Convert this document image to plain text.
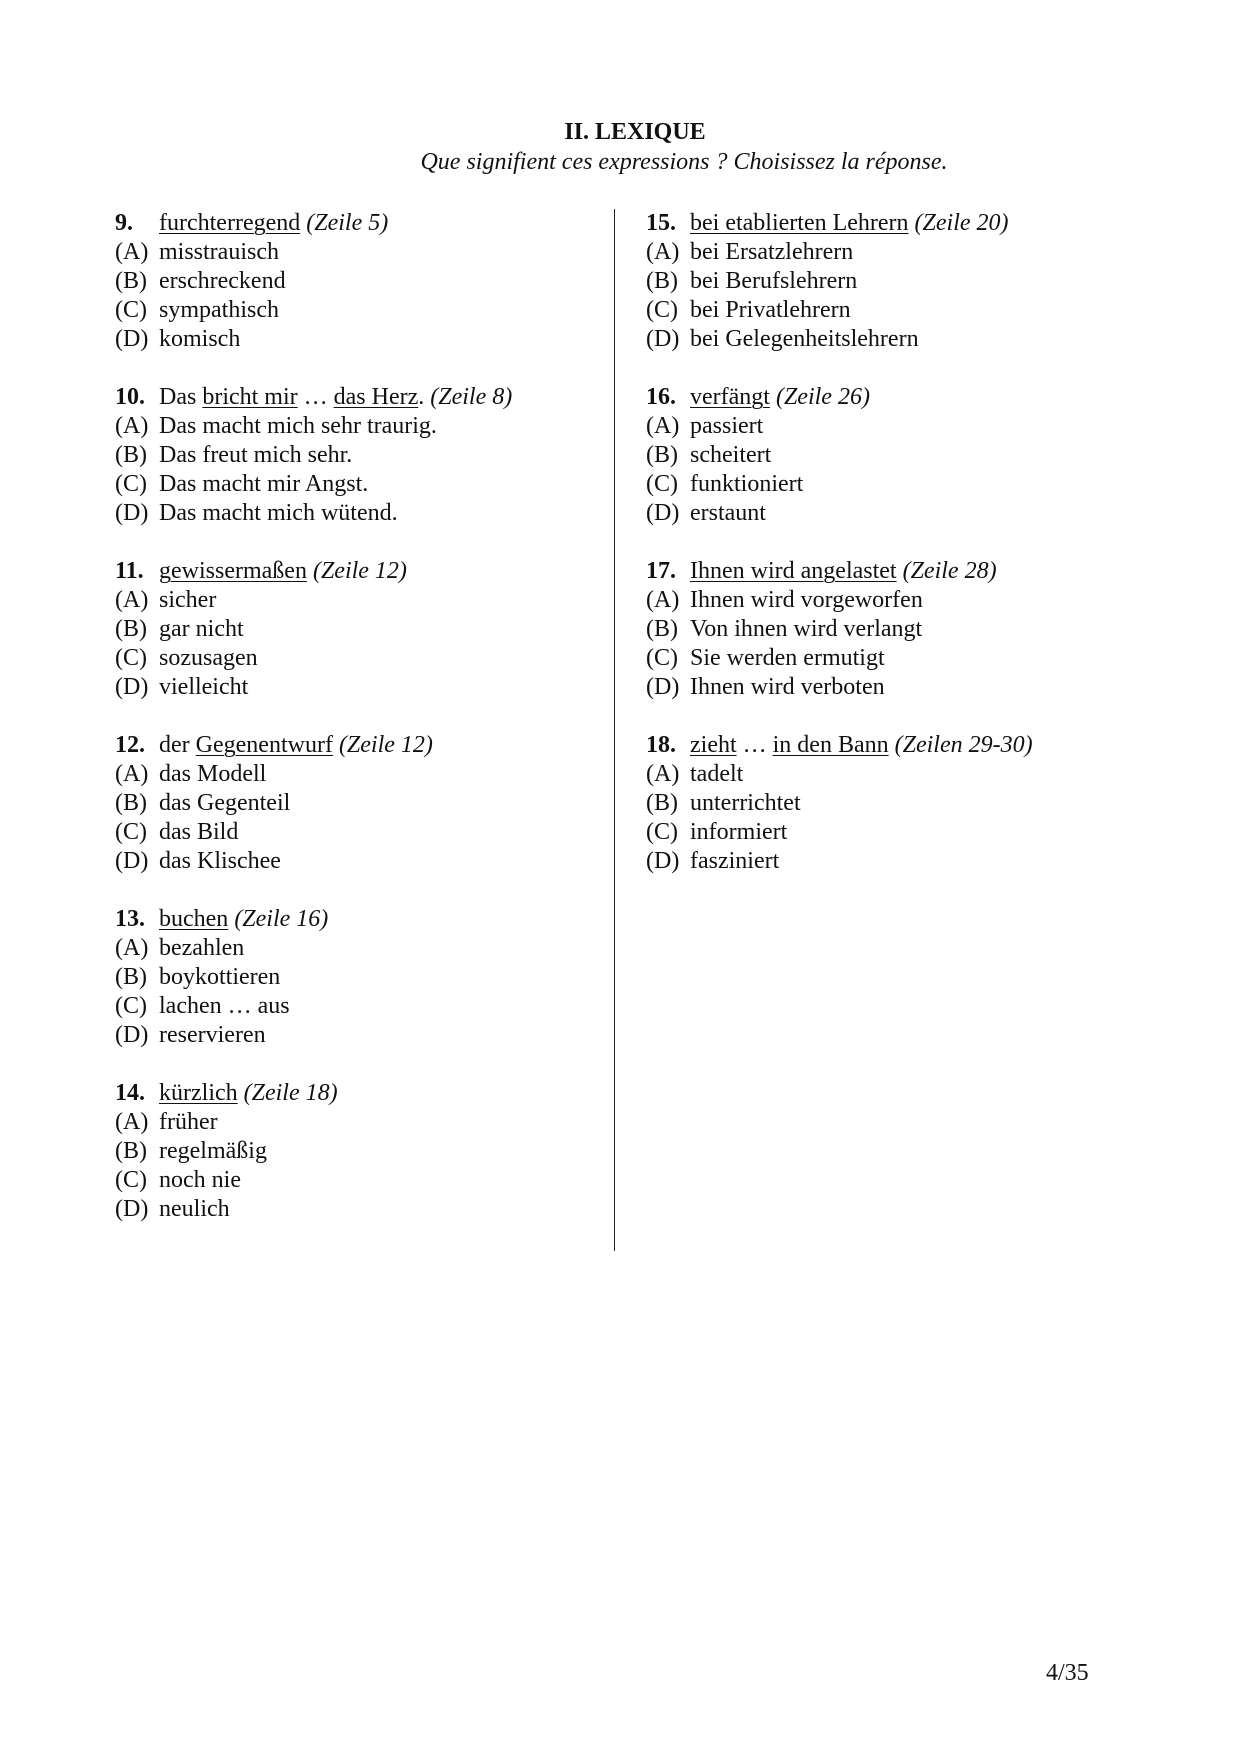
II. LEXIQUE
Que signifient ces expressions ? Choisissez la réponse.
9. furchterregend (Zeile 5)
(A) misstrauisch
(B) erschreckend
(C) sympathisch
(D) komisch
10. Das bricht mir … das Herz. (Zeile 8)
(A) Das macht mich sehr traurig.
(B) Das freut mich sehr.
(C) Das macht mir Angst.
(D) Das macht mich wütend.
11. gewissermaßen (Zeile 12)
(A) sicher
(B) gar nicht
(C) sozusagen
(D) vielleicht
12. der Gegenentwurf (Zeile 12)
(A) das Modell
(B) das Gegenteil
(C) das Bild
(D) das Klischee
13. buchen (Zeile 16)
(A) bezahlen
(B) boykottieren
(C) lachen … aus
(D) reservieren
14. kürzlich (Zeile 18)
(A) früher
(B) regelmäßig
(C) noch nie
(D) neulich
15. bei etablierten Lehrern (Zeile 20)
(A) bei Ersatzlehrern
(B) bei Berufslehrern
(C) bei Privatlehrern
(D) bei Gelegenheitslehrern
16. verfängt (Zeile 26)
(A) passiert
(B) scheitert
(C) funktioniert
(D) erstaunt
17. Ihnen wird angelastet (Zeile 28)
(A) Ihnen wird vorgeworfen
(B) Von ihnen wird verlangt
(C) Sie werden ermutigt
(D) Ihnen wird verboten
18. zieht … in den Bann (Zeilen 29-30)
(A) tadelt
(B) unterrichtet
(C) informiert
(D) fasziniert
4/35
